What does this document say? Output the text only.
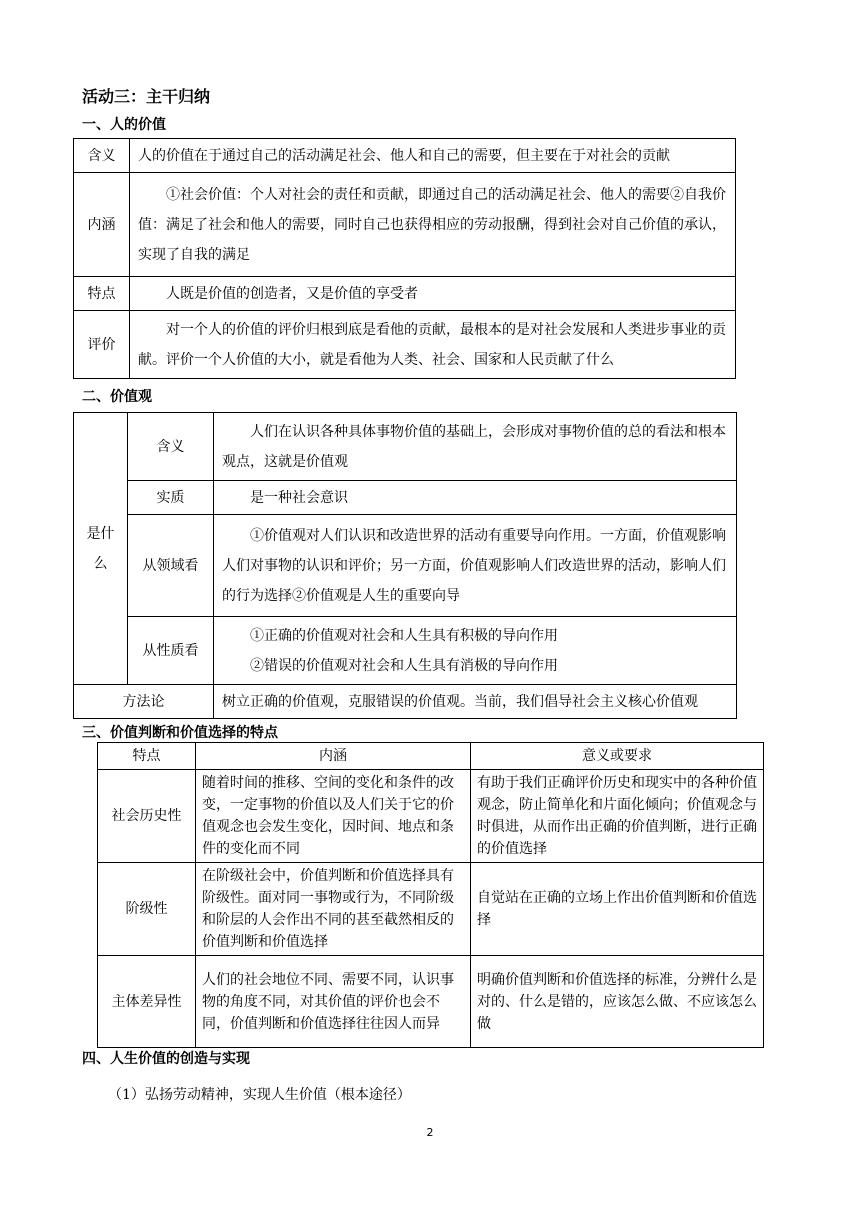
活动三：主干归纳
一、人的价值
含义	人的价值在于通过自己的活动满足社会、他人和自己的需要，但主要在于对社会的贡献
内涵	①社会价值：个人对社会的责任和贡献，即通过自己的活动满足社会、他人的需要②自我价值：满足了社会和他人的需要，同时自己也获得相应的劳动报酬，得到社会对自己价值的承认，实现了自我的满足
特点	人既是价值的创造者，又是价值的享受者
评价	对一个人的价值的评价归根到底是看他的贡献，最根本的是对社会发展和人类进步事业的贡献。评价一个人价值的大小，就是看他为人类、社会、国家和人民贡献了什么
二、价值观
是什么	含义	人们在认识各种具体事物价值的基础上，会形成对事物价值的总的看法和根本观点，这就是价值观
	实质	是一种社会意识
	从领域看	①价值观对人们认识和改造世界的活动有重要导向作用。一方面，价值观影响人们对事物的认识和评价；另一方面，价值观影响人们改造世界的活动，影响人们的行为选择②价值观是人生的重要向导
	从性质看	①正确的价值观对社会和人生具有积极的导向作用
②错误的价值观对社会和人生具有消极的导向作用

方法论		树立正确的价值观，克服错误的价值观。当前，我们倡导社会主义核心价值观
三、价值判断和价值选择的特点
特点	内涵	意义或要求
社会历史性	随着时间的推移、空间的变化和条件的改变，一定事物的价值以及人们关于它的价值观念也会发生变化，因时间、地点和条件的变化而不同	有助于我们正确评价历史和现实中的各种价值观念，防止简单化和片面化倾向；价值观念与时俱进，从而作出正确的价值判断，进行正确的价值选择
阶级性	在阶级社会中，价值判断和价值选择具有阶级性。面对同一事物或行为，不同阶级和阶层的人会作出不同的甚至截然相反的价值判断和价值选择	自觉站在正确的立场上作出价值判断和价值选择
主体差异性	人们的社会地位不同、需要不同，认识事物的角度不同，对其价值的评价也会不同，价值判断和价值选择往往因人而异	明确价值判断和价值选择的标准，分辨什么是对的、什么是错的，应该怎么做、不应该怎么做
四、人生价值的创造与实现
（1）弘扬劳动精神，实现人生价值（根本途径）
2
